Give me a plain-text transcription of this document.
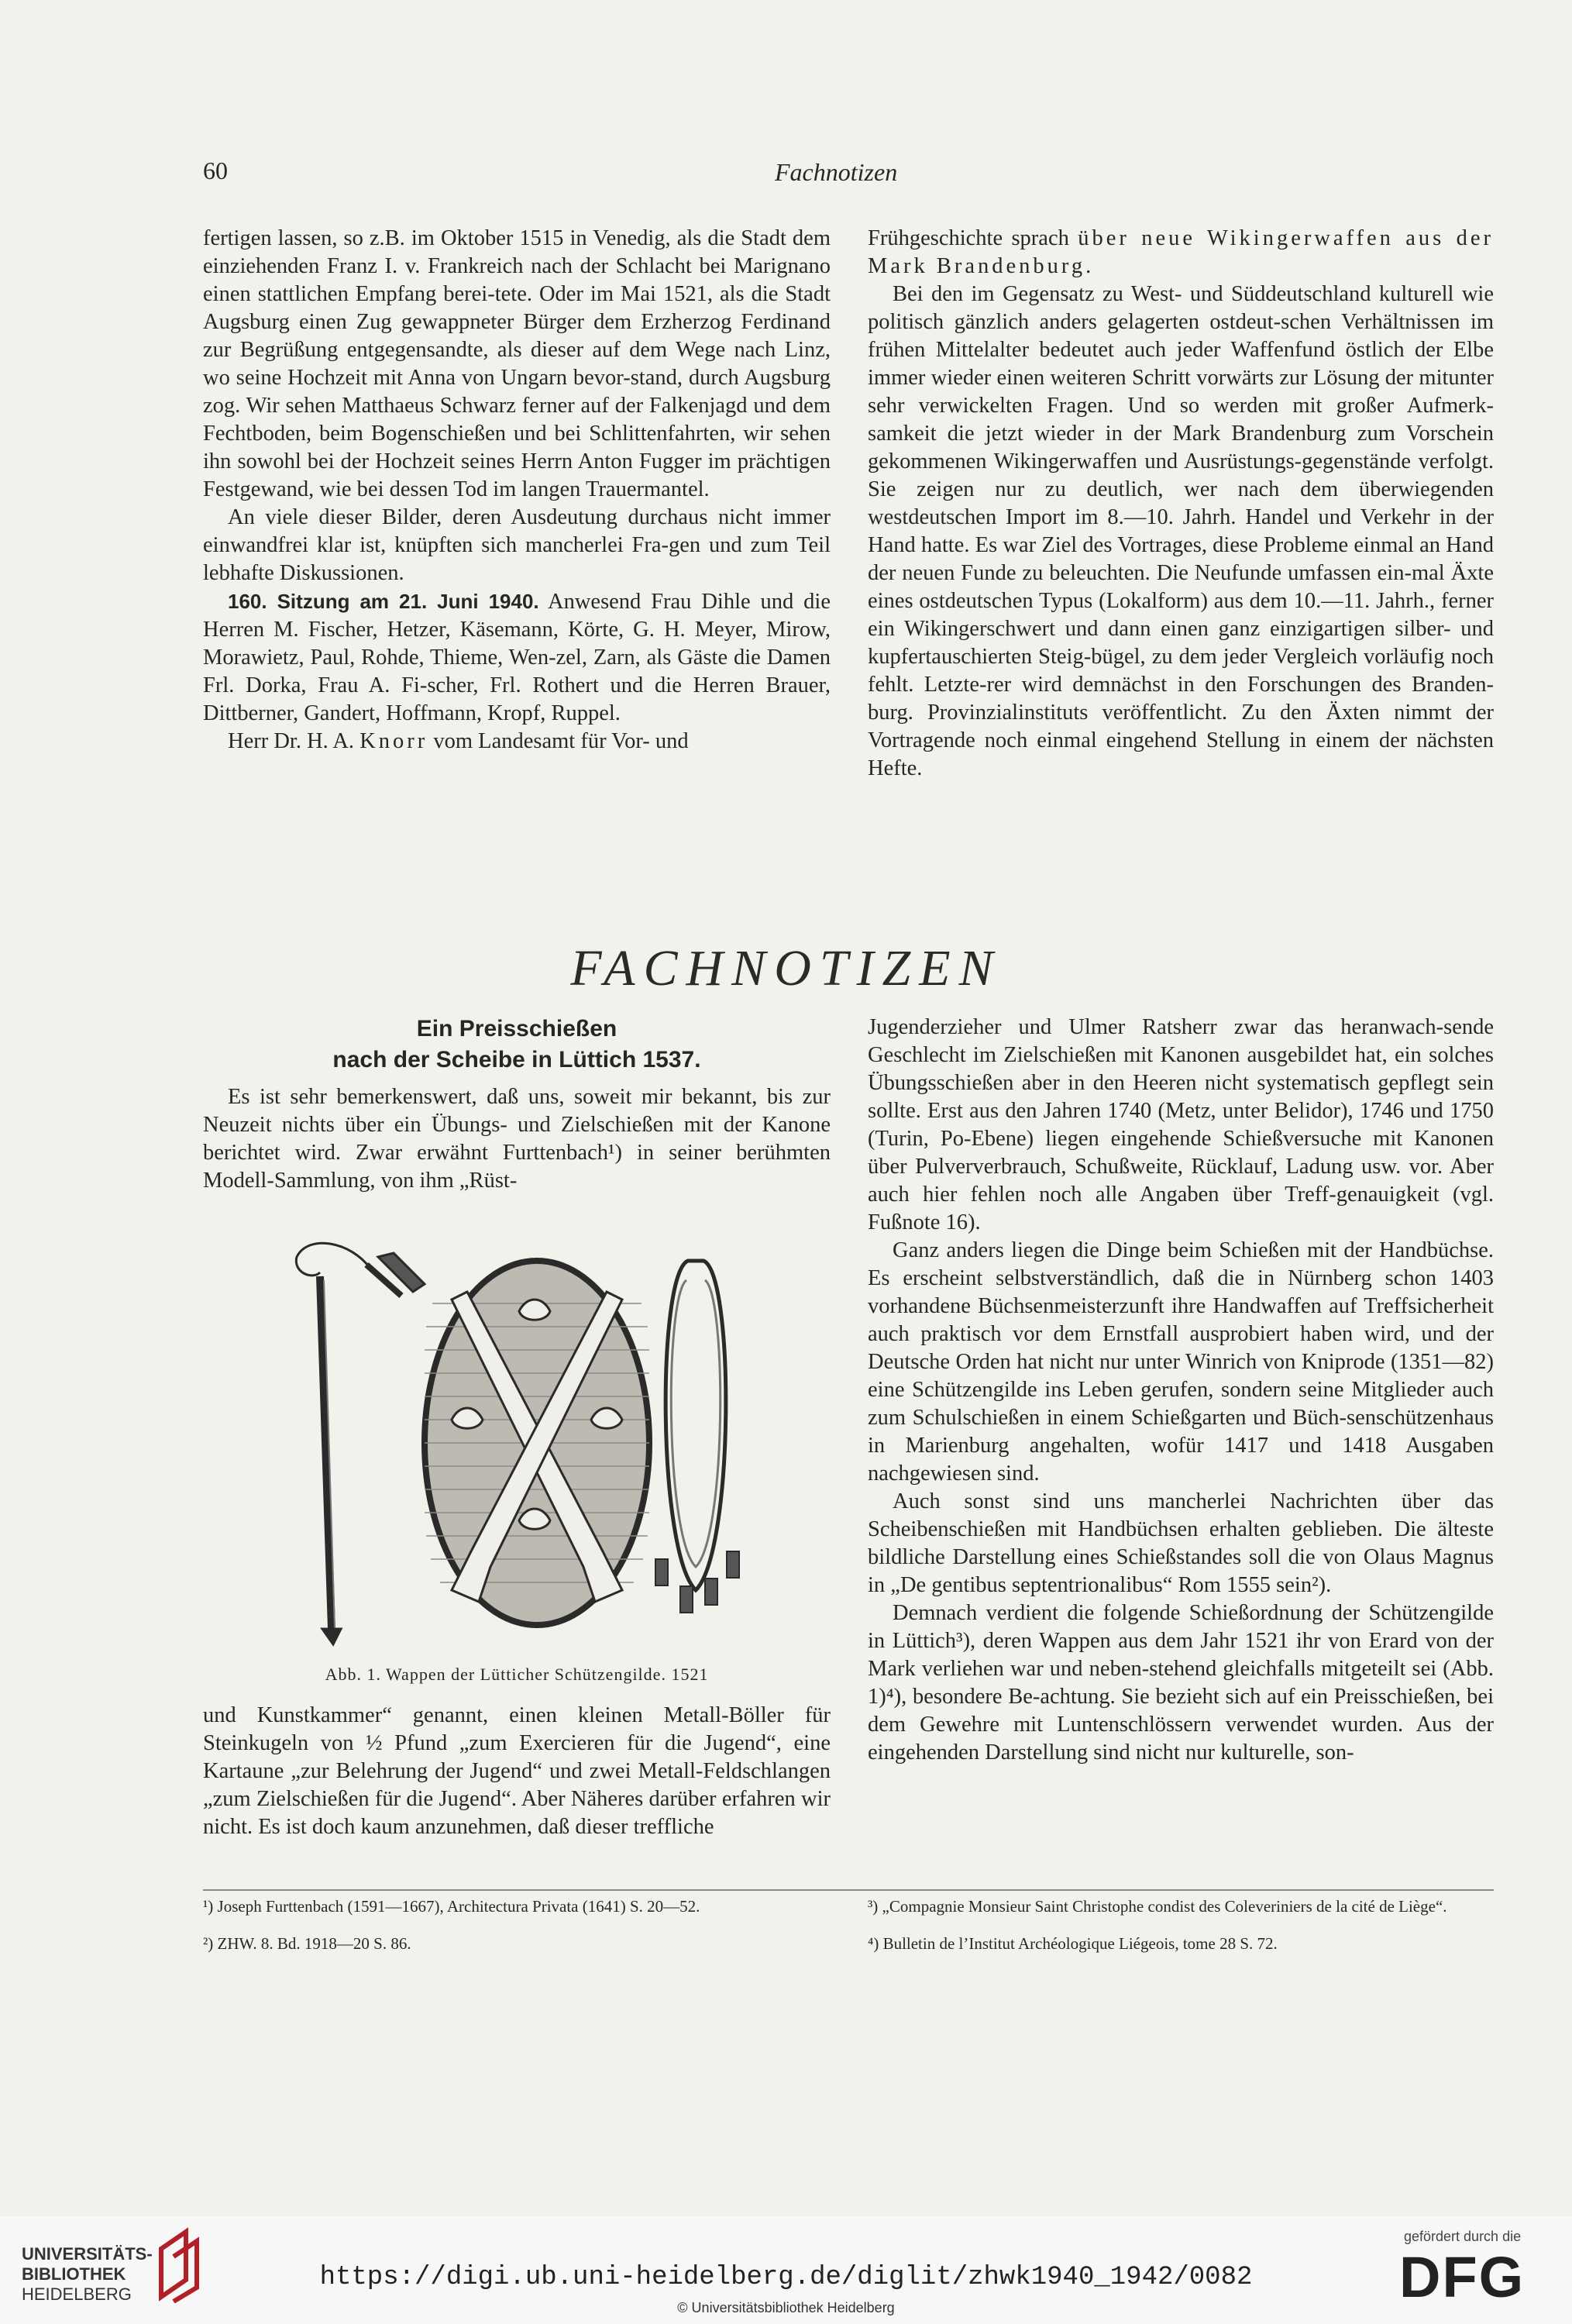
60	Fachnotizen

fertigen lassen, so z.B. im Oktober 1515 in Venedig, als die Stadt dem einziehenden Franz I. v. Frankreich nach der Schlacht bei Marignano einen stattlichen Empfang berei-tete. Oder im Mai 1521, als die Stadt Augsburg einen Zug gewappneter Bürger dem Erzherzog Ferdinand zur Begrüßung entgegensandte, als dieser auf dem Wege nach Linz, wo seine Hochzeit mit Anna von Ungarn bevor-stand, durch Augsburg zog. Wir sehen Matthaeus Schwarz ferner auf der Falkenjagd und dem Fechtboden, beim Bogenschießen und bei Schlittenfahrten, wir sehen ihn sowohl bei der Hochzeit seines Herrn Anton Fugger im prächtigen Festgewand, wie bei dessen Tod im langen Trauermantel.

An viele dieser Bilder, deren Ausdeutung durchaus nicht immer einwandfrei klar ist, knüpften sich mancherlei Fra-gen und zum Teil lebhafte Diskussionen.

160. Sitzung am 21. Juni 1940. Anwesend Frau Dihle und die Herren M. Fischer, Hetzer, Käsemann, Körte, G. H. Meyer, Mirow, Morawietz, Paul, Rohde, Thieme, Wen-zel, Zarn, als Gäste die Damen Frl. Dorka, Frau A. Fi-scher, Frl. Rothert und die Herren Brauer, Dittberner, Gandert, Hoffmann, Kropf, Ruppel.

Herr Dr. H. A. Knorr vom Landesamt für Vor- und

Frühgeschichte sprach über neue Wikingerwaffen aus der Mark Brandenburg.

Bei den im Gegensatz zu West- und Süddeutschland kulturell wie politisch gänzlich anders gelagerten ostdeut-schen Verhältnissen im frühen Mittelalter bedeutet auch jeder Waffenfund östlich der Elbe immer wieder einen weiteren Schritt vorwärts zur Lösung der mitunter sehr verwickelten Fragen. Und so werden mit großer Aufmerk-samkeit die jetzt wieder in der Mark Brandenburg zum Vorschein gekommenen Wikingerwaffen und Ausrüstungs-gegenstände verfolgt. Sie zeigen nur zu deutlich, wer nach dem überwiegenden westdeutschen Import im 8.—10. Jahrh. Handel und Verkehr in der Hand hatte. Es war Ziel des Vortrages, diese Probleme einmal an Hand der neuen Funde zu beleuchten. Die Neufunde umfassen ein-mal Äxte eines ostdeutschen Typus (Lokalform) aus dem 10.—11. Jahrh., ferner ein Wikingerschwert und dann einen ganz einzigartigen silber- und kupfertauschierten Steig-bügel, zu dem jeder Vergleich vorläufig noch fehlt. Letzte-rer wird demnächst in den Forschungen des Branden-burg. Provinzialinstituts veröffentlicht. Zu den Äxten nimmt der Vortragende noch einmal eingehend Stellung in einem der nächsten Hefte.

FACHNOTIZEN
Ein Preisschießen
nach der Scheibe in Lüttich 1537.

Es ist sehr bemerkenswert, daß uns, soweit mir bekannt, bis zur Neuzeit nichts über ein Übungs- und Zielschießen mit der Kanone berichtet wird. Zwar erwähnt Furttenbach¹) in seiner berühmten Modell-Sammlung, von ihm „Rüst-

Abb. 1. Wappen der Lütticher Schützengilde. 1521

und Kunstkammer“ genannt, einen kleinen Metall-Böller für Steinkugeln von ½ Pfund „zum Exercieren für die Jugend“, eine Kartaune „zur Belehrung der Jugend“ und zwei Metall-Feldschlangen „zum Zielschießen für die Jugend“. Aber Näheres darüber erfahren wir nicht. Es ist doch kaum anzunehmen, daß dieser treffliche

Jugenderzieher und Ulmer Ratsherr zwar das heranwach-sende Geschlecht im Zielschießen mit Kanonen ausgebildet hat, ein solches Übungsschießen aber in den Heeren nicht systematisch gepflegt sein sollte. Erst aus den Jahren 1740 (Metz, unter Belidor), 1746 und 1750 (Turin, Po-Ebene) liegen eingehende Schießversuche mit Kanonen über Pulververbrauch, Schußweite, Rücklauf, Ladung usw. vor. Aber auch hier fehlen noch alle Angaben über Treff-genauigkeit (vgl. Fußnote 16).

Ganz anders liegen die Dinge beim Schießen mit der Handbüchse. Es erscheint selbstverständlich, daß die in Nürnberg schon 1403 vorhandene Büchsenmeisterzunft ihre Handwaffen auf Treffsicherheit auch praktisch vor dem Ernstfall ausprobiert haben wird, und der Deutsche Orden hat nicht nur unter Winrich von Kniprode (1351—82) eine Schützengilde ins Leben gerufen, sondern seine Mitglieder auch zum Schulschießen in einem Schießgarten und Büch-senschützenhaus in Marienburg angehalten, wofür 1417 und 1418 Ausgaben nachgewiesen sind.

Auch sonst sind uns mancherlei Nachrichten über das Scheibenschießen mit Handbüchsen erhalten geblieben. Die älteste bildliche Darstellung eines Schießstandes soll die von Olaus Magnus in „De gentibus septentrionalibus“ Rom 1555 sein²).

Demnach verdient die folgende Schießordnung der Schützengilde in Lüttich³), deren Wappen aus dem Jahr 1521 ihr von Erard von der Mark verliehen war und neben-stehend gleichfalls mitgeteilt sei (Abb. 1)⁴), besondere Be-achtung. Sie bezieht sich auf ein Preisschießen, bei dem Gewehre mit Luntenschlössern verwendet wurden. Aus der eingehenden Darstellung sind nicht nur kulturelle, son-

¹) Joseph Furttenbach (1591—1667), Architectura Privata (1641) S. 20—52.
²) ZHW. 8. Bd. 1918—20 S. 86.
³) „Compagnie Monsieur Saint Christophe condist des Coleveriniers de la cité de Liège“.
⁴) Bulletin de l’Institut Archéologique Liégeois, tome 28 S. 72.
UNIVERSITÄTS-
BIBLIOTHEK
HEIDELBERG
https://digi.ub.uni-heidelberg.de/diglit/zhwk1940_1942/0082
© Universitätsbibliothek Heidelberg
gefördert durch die
DFG
